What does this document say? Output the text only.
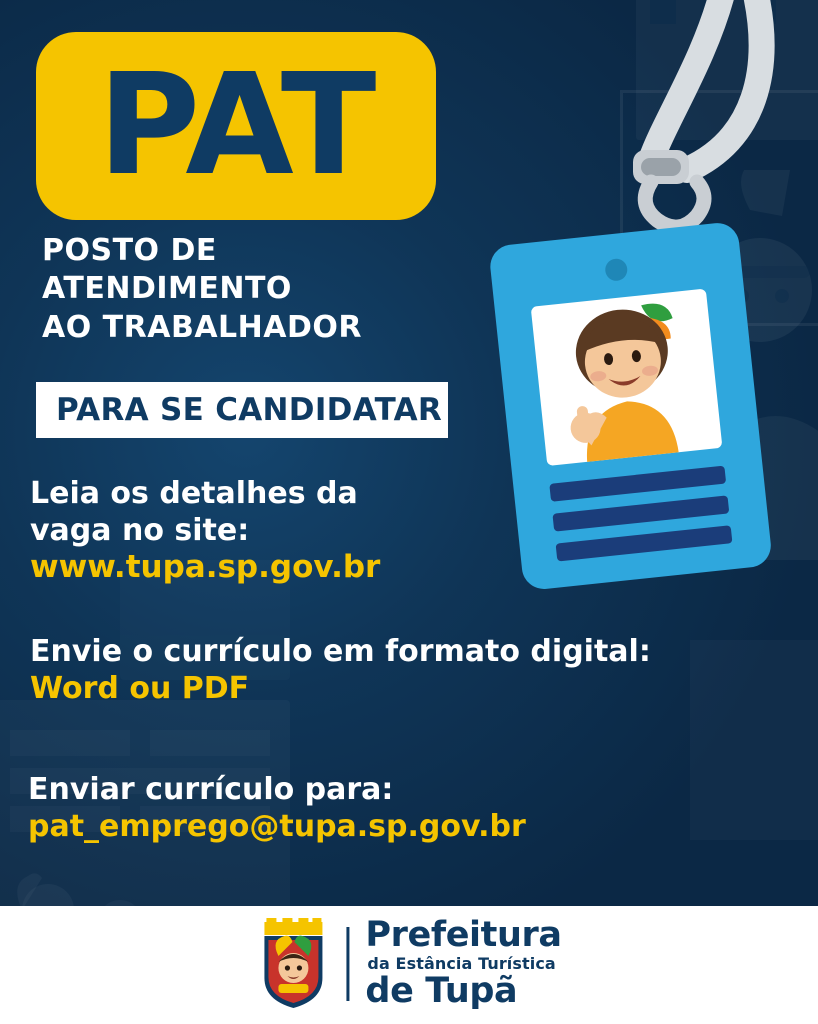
PAT
POSTO DE ATENDIMENTO
AO TRABALHADOR
PARA SE CANDIDATAR
Leia os detalhes da
vaga no site:
www.tupa.sp.gov.br
Envie o currículo em formato digital:
Word ou PDF
Enviar currículo para:
pat_emprego@tupa.sp.gov.br
Prefeitura
da Estância Turística
de Tupã
